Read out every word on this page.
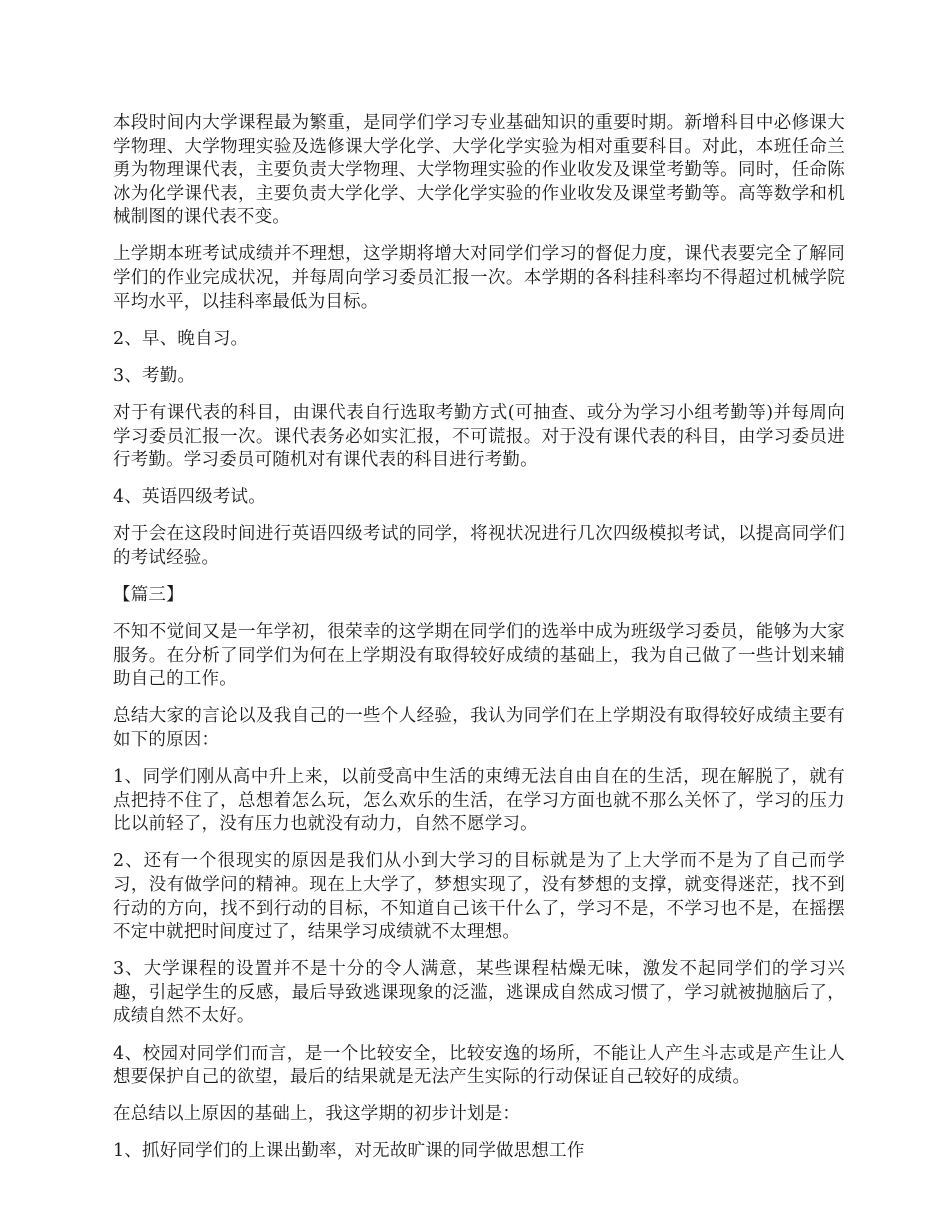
本段时间内大学课程最为繁重，是同学们学习专业基础知识的重要时期。新增科目中必修课大学物理、大学物理实验及选修课大学化学、大学化学实验为相对重要科目。对此，本班任命兰勇为物理课代表，主要负责大学物理、大学物理实验的作业收发及课堂考勤等。同时，任命陈冰为化学课代表，主要负责大学化学、大学化学实验的作业收发及课堂考勤等。高等数学和机械制图的课代表不变。

上学期本班考试成绩并不理想，这学期将增大对同学们学习的督促力度，课代表要完全了解同学们的作业完成状况，并每周向学习委员汇报一次。本学期的各科挂科率均不得超过机械学院平均水平，以挂科率最低为目标。

2、早、晚自习。

3、考勤。

对于有课代表的科目，由课代表自行选取考勤方式(可抽查、或分为学习小组考勤等)并每周向学习委员汇报一次。课代表务必如实汇报，不可谎报。对于没有课代表的科目，由学习委员进行考勤。学习委员可随机对有课代表的科目进行考勤。

4、英语四级考试。

对于会在这段时间进行英语四级考试的同学，将视状况进行几次四级模拟考试，以提高同学们的考试经验。

【篇三】

不知不觉间又是一年学初，很荣幸的这学期在同学们的选举中成为班级学习委员，能够为大家服务。在分析了同学们为何在上学期没有取得较好成绩的基础上，我为自己做了一些计划来辅助自己的工作。

总结大家的言论以及我自己的一些个人经验，我认为同学们在上学期没有取得较好成绩主要有如下的原因：

1、同学们刚从高中升上来，以前受高中生活的束缚无法自由自在的生活，现在解脱了，就有点把持不住了，总想着怎么玩，怎么欢乐的生活，在学习方面也就不那么关怀了，学习的压力比以前轻了，没有压力也就没有动力，自然不愿学习。

2、还有一个很现实的原因是我们从小到大学习的目标就是为了上大学而不是为了自己而学习，没有做学问的精神。现在上大学了，梦想实现了，没有梦想的支撑，就变得迷茫，找不到行动的方向，找不到行动的目标，不知道自己该干什么了，学习不是，不学习也不是，在摇摆不定中就把时间度过了，结果学习成绩就不太理想。

3、大学课程的设置并不是十分的令人满意，某些课程枯燥无味，激发不起同学们的学习兴趣，引起学生的反感，最后导致逃课现象的泛滥，逃课成自然成习惯了，学习就被抛脑后了，成绩自然不太好。

4、校园对同学们而言，是一个比较安全，比较安逸的场所，不能让人产生斗志或是产生让人想要保护自己的欲望，最后的结果就是无法产生实际的行动保证自己较好的成绩。

在总结以上原因的基础上，我这学期的初步计划是：

1、抓好同学们的上课出勤率，对无故旷课的同学做思想工作
